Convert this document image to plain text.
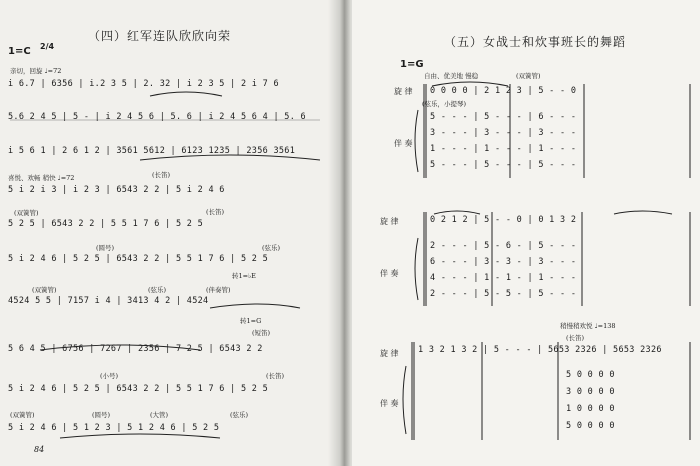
（四）红军连队欣欣向荣
1=C 2/4
亲切，回旋 ♩=72
i 6.7 | 6356 | i.2 3 5 | 2. 32 | i 2 3 5 | 2 i 7 6
5.6 2 4 5 | 5 - | i 2 4 5 6 | 5. 6 | i 2 4 5 6 4 | 5. 6
i 5 6 1 | 2 6 1 2 | 3561 5612 | 6123 1235 | 2356 3561
喜悦、欢畅 稍快 ♩=72
5 i 2 i 3 | i 2 3 | 6543 2 2 | 5 i 2 4 6
5 2 5 | 6543 2 2 | 5 5 1 7 6 | 5 2 5
5 i 2 4 6 | 5 2 5 | 6543 2 2 | 5 5 1 7 6 | 5 2 5
4524 5 5 | 7157 i 4 | 3413 4 2 | 4524
5 6 4 5 | 6756 | 7267 | 2356 | 7 2 5 | 6543 2 2
5 i 2 4 6 | 5 2 5 | 6543 2 2 | 5 5 1 7 6 | 5 2 5
5 i 2 4 6 | 5 1 2 3 | 5 1 2 4 6 | 5 2 5
(长笛)
(双簧管)	(长笛)
(圆号)	(弦乐)
(双簧管)	(弦乐)	(伴奏管)
转1=♭E
转1=G
(短笛)
(小号)	(长笛)
(双簧管)	(圆号)	(大管)	(弦乐)
84
（五）女战士和炊事班长的舞蹈
1=G
自由、优美地 慢稳	(双簧管)
(弦乐，小提琴)
旋 律 0 0 0 0 | 2 1 2 3 | 5 - - 0
伴 奏
5 - - - | 5 - - - | 6 - - -
3 - - - | 3 - - - | 3 - - -
1 - - - | 1 - - - | 1 - - -
5 - - - | 5 - - - | 5 - - -
旋 律	0 2 1 2 | 5 - - 0 | 0 1 3 2
伴 奏
2 - - - | 5 - 6 - | 5 - - -
6 - - - | 3 - 3 - | 3 - - -
4 - - - | 1 - 1 - | 1 - - -
2 - - - | 5 - 5 - | 5 - - -
稍慢稍欢悦 ♩=138
(长笛)
旋 律 1 3 2 1 3 2 | 5 - - - | 5653 2326 | 5653 2326
伴 奏
5 0 0 0 0
3 0 0 0 0
1 0 0 0 0
5 0 0 0 0
